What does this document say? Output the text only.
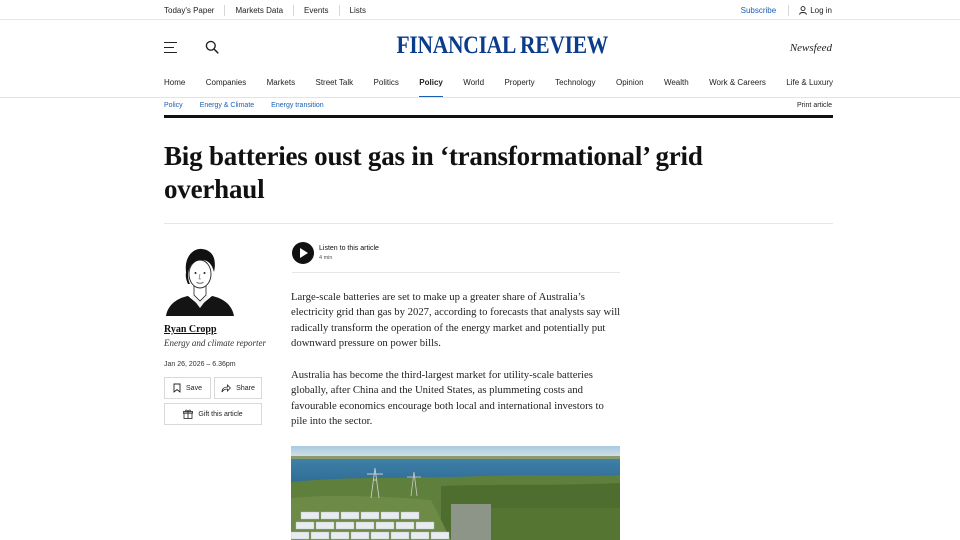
Today's Paper	Markets Data	Events	Lists	Subscribe	Log in
FINANCIAL REVIEW	Newsfeed
Home	Companies	Markets	Street Talk	Politics	Policy	World	Property	Technology	Opinion	Wealth	Work & Careers	Life & Luxury
Policy Energy & Climate Energy transition	Print article
Big batteries oust gas in ‘transformational’ grid overhaul
Ryan Cropp
Energy and climate reporter
Jan 26, 2026 – 6.36pm
Save	Share
Gift this article
Listen to this article
4 min

Large-scale batteries are set to make up a greater share of Australia’s electricity grid than gas by 2027, according to forecasts that analysts say will radically transform the operation of the energy market and potentially put downward pressure on power bills.

Australia has become the third-largest market for utility-scale batteries globally, after China and the United States, as plummeting costs and favourable economics encourage both local and international investors to pile into the sector.
